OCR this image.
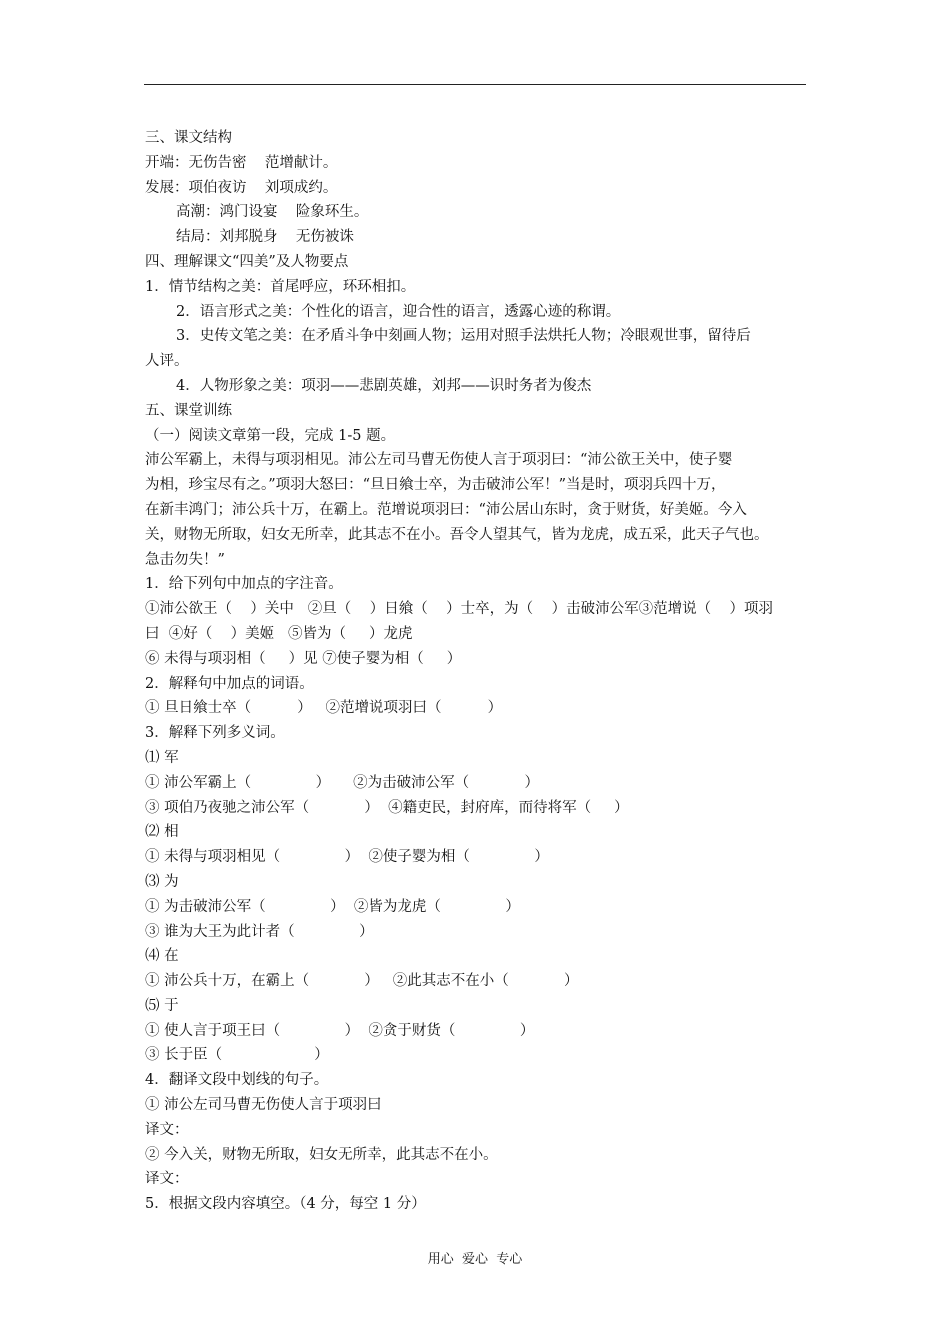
三、课文结构
开端：无伤告密    范增献计。
发展：项伯夜访    刘项成约。
高潮：鸿门设宴    险象环生。
结局：刘邦脱身    无伤被诛
四、理解课文“四美”及人物要点
1．情节结构之美：首尾呼应，环环相扣。
2．语言形式之美：个性化的语言，迎合性的语言，透露心迹的称谓。
3．史传文笔之美：在矛盾斗争中刻画人物；运用对照手法烘托人物；冷眼观世事，留待后
人评。
4．人物形象之美：项羽——悲剧英雄，刘邦——识时务者为俊杰
五、课堂训练
（一）阅读文章第一段，完成 1-5 题。
沛公军霸上，未得与项羽相见。沛公左司马曹无伤使人言于项羽曰：“沛公欲王关中，使子婴
为相，珍宝尽有之。”项羽大怒曰：“旦日飨士卒，为击破沛公军！”当是时，项羽兵四十万，
在新丰鸿门；沛公兵十万，在霸上。范增说项羽曰：“沛公居山东时，贪于财货，好美姬。今入
关，财物无所取，妇女无所幸，此其志不在小。吾令人望其气，皆为龙虎，成五采，此天子气也。
急击勿失！”
1．给下列句中加点的字注音。
①沛公欲王（    ）关中   ②旦（    ）日飨（    ）士卒，为（    ）击破沛公军③范增说（    ）项羽
曰  ④好（    ）美姬   ⑤皆为（     ）龙虎
⑥ 未得与项羽相（     ）见 ⑦使子婴为相（     ）
2．解释句中加点的词语。
① 旦日飨士卒（          ）   ②范增说项羽曰（          ）
3．解释下列多义词。
⑴ 军
① 沛公军霸上（              ）     ②为击破沛公军（            ）
③ 项伯乃夜驰之沛公军（            ）  ④籍吏民，封府库，而待将军（     ）
⑵ 相
① 未得与项羽相见（              ）  ②使子婴为相（              ）
⑶ 为
① 为击破沛公军（              ）  ②皆为龙虎（              ）
③ 谁为大王为此计者（              ）
⑷ 在
① 沛公兵十万，在霸上（            ）   ②此其志不在小（            ）
⑸ 于
① 使人言于项王曰（              ）  ②贪于财货（              ）
③ 长于臣（                    ）
4．翻译文段中划线的句子。
① 沛公左司马曹无伤使人言于项羽曰
译文：
② 今入关，财物无所取，妇女无所幸，此其志不在小。
译文：
5．根据文段内容填空。（4 分，每空 1 分）
用心  爱心  专心
